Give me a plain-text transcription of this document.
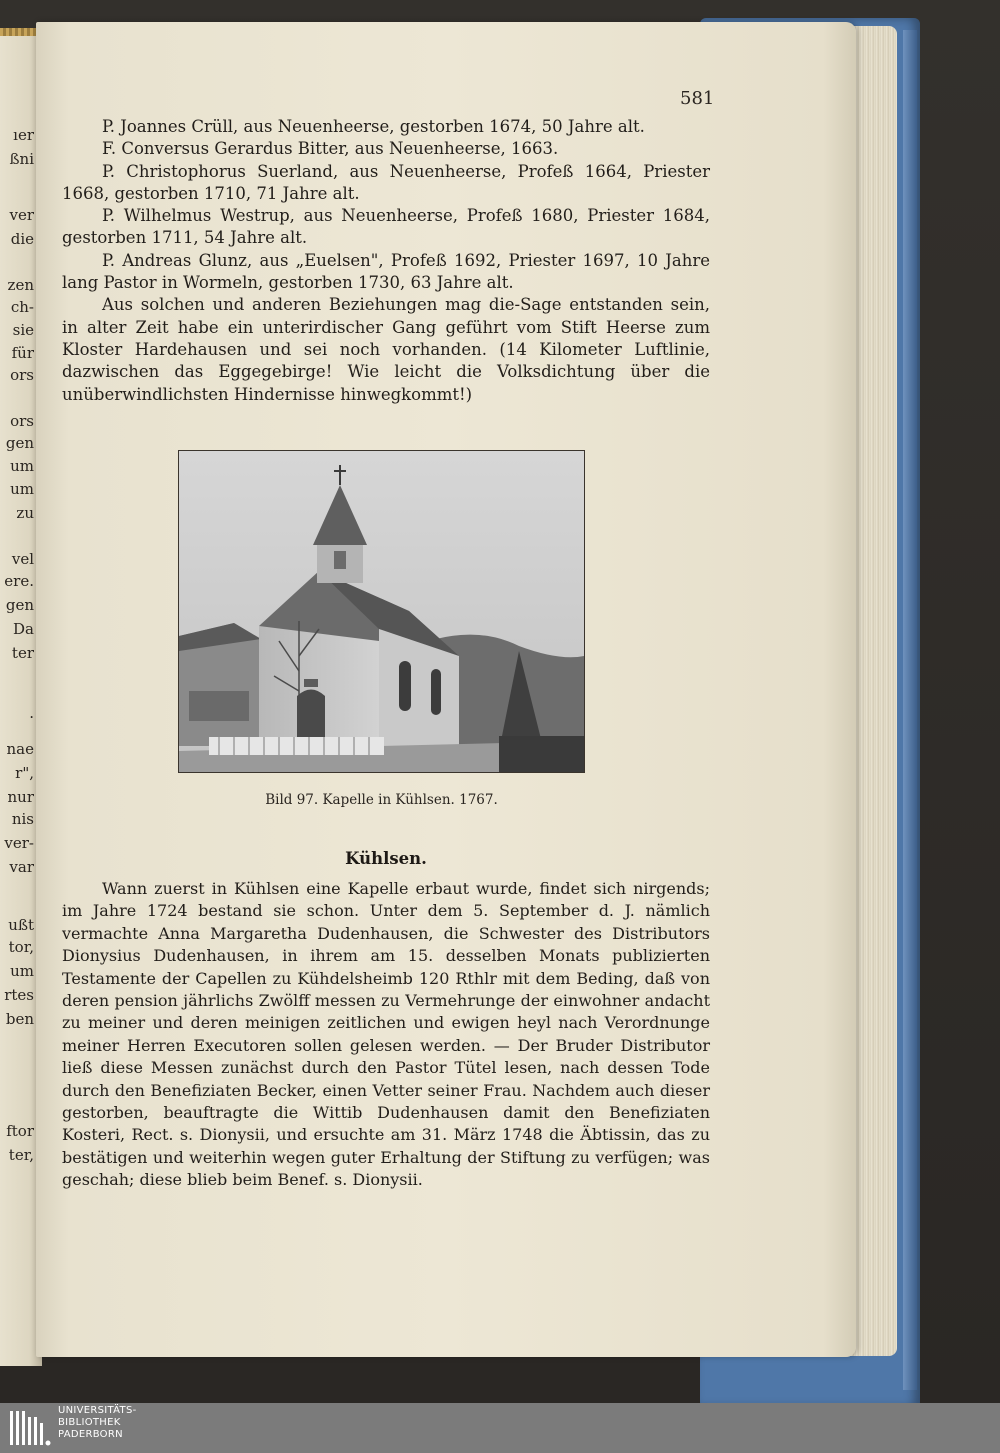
ıer
ßni
ver
die
zen
ch-
sie
für
ors
ors
gen
um
um
zu
vel
ere.
gen
Da
ter
.
nae
r",
nur
nis
ver-
var
ußt
tor,
um
rtes
ben
ftor
ter,
581

P. Joannes Crüll, aus Neuenheerse, gestorben 1674, 50 Jahre alt.

F. Conversus Gerardus Bitter, aus Neuenheerse, 1663.

P. Christophorus Suerland, aus Neuenheerse, Profeß 1664, Priester 1668, gestorben 1710, 71 Jahre alt.

P. Wilhelmus Westrup, aus Neuenheerse, Profeß 1680, Priester 1684, gestorben 1711, 54 Jahre alt.

P. Andreas Glunz, aus „Euelsen", Profeß 1692, Priester 1697, 10 Jahre lang Pastor in Wormeln, gestorben 1730, 63 Jahre alt.

Aus solchen und anderen Beziehungen mag die-Sage entstanden sein, in alter Zeit habe ein unterirdischer Gang geführt vom Stift Heerse zum Kloster Hardehausen und sei noch vorhanden. (14 Kilometer Luftlinie, dazwischen das Eggegebirge! Wie leicht die Volksdichtung über die unüberwindlichsten Hindernisse hinwegkommt!)

Bild 97. Kapelle in Kühlsen. 1767.
Kühlsen.

Wann zuerst in Kühlsen eine Kapelle erbaut wurde, findet sich nirgends; im Jahre 1724 bestand sie schon. Unter dem 5. September d. J. nämlich vermachte Anna Margaretha Dudenhausen, die Schwester des Distributors Dionysius Dudenhausen, in ihrem am 15. desselben Monats publizierten Testamente der Capellen zu Kühdelsheimb 120 Rthlr mit dem Beding, daß von deren pension jährlichs Zwölff messen zu Vermehrunge der einwohner andacht zu meiner und deren meinigen zeitlichen und ewigen heyl nach Verordnunge meiner Herren Executoren sollen gelesen werden. — Der Bruder Distributor ließ diese Messen zunächst durch den Pastor Tütel lesen, nach dessen Tode durch den Benefiziaten Becker, einen Vetter seiner Frau. Nachdem auch dieser gestorben, beauftragte die Wittib Dudenhausen damit den Benefiziaten Kosteri, Rect. s. Dionysii, und ersuchte am 31. März 1748 die Äbtissin, das zu bestätigen und weiterhin wegen guter Erhaltung der Stiftung zu verfügen; was geschah; diese blieb beim Benef. s. Dionysii.

UNIVERSITÄTS-
BIBLIOTHEK
PADERBORN
